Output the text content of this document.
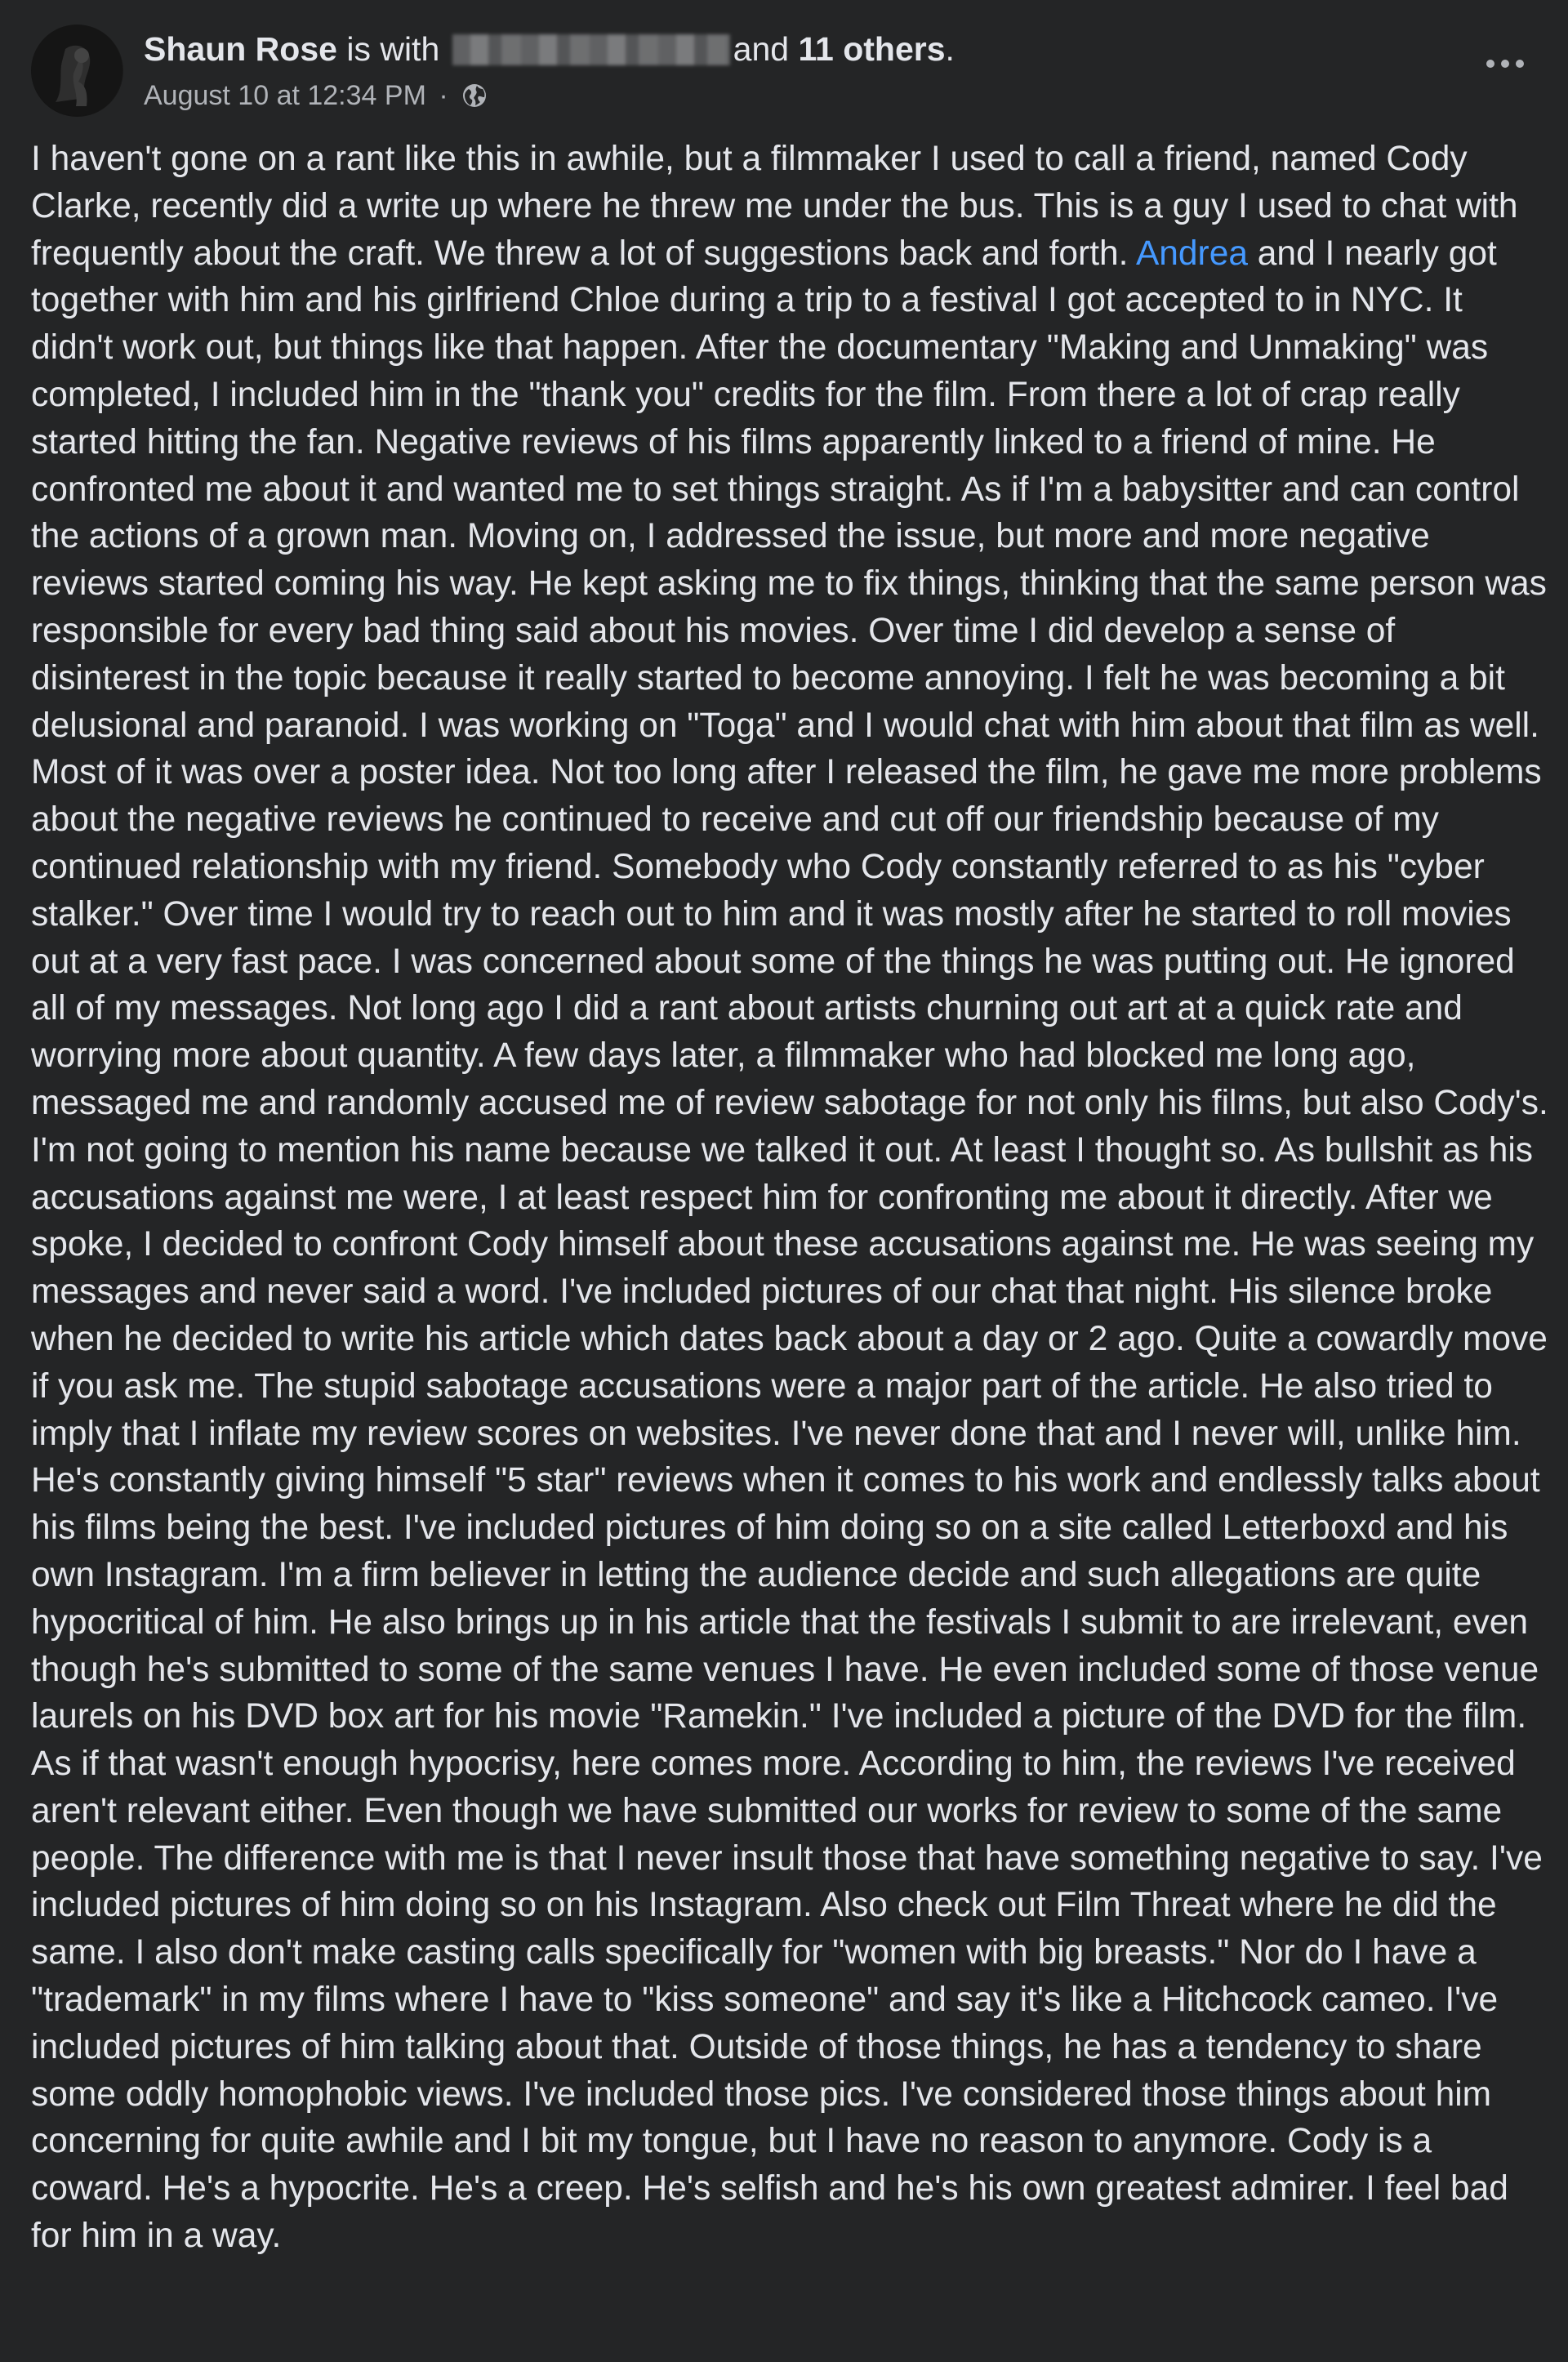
Shaun Rose is with	and 11 others.
August 10 at 12:34 PM ·
I haven't gone on a rant like this in awhile, but a filmmaker I used to call a friend, named Cody Clarke, recently did a write up where he threw me under the bus. This is a guy I used to chat with frequently about the craft. We threw a lot of suggestions back and forth. Andrea and I nearly got together with him and his girlfriend Chloe during a trip to a festival I got accepted to in NYC. It didn't work out, but things like that happen. After the documentary "Making and Unmaking" was completed, I included him in the "thank you" credits for the film. From there a lot of crap really started hitting the fan. Negative reviews of his films apparently linked to a friend of mine. He confronted me about it and wanted me to set things straight. As if I'm a babysitter and can control the actions of a grown man. Moving on, I addressed the issue, but more and more negative reviews started coming his way. He kept asking me to fix things, thinking that the same person was responsible for every bad thing said about his movies. Over time I did develop a sense of disinterest in the topic because it really started to become annoying. I felt he was becoming a bit delusional and paranoid. I was working on "Toga" and I would chat with him about that film as well. Most of it was over a poster idea. Not too long after I released the film, he gave me more problems about the negative reviews he continued to receive and cut off our friendship because of my continued relationship with my friend. Somebody who Cody constantly referred to as his "cyber stalker." Over time I would try to reach out to him and it was mostly after he started to roll movies out at a very fast pace. I was concerned about some of the things he was putting out. He ignored all of my messages. Not long ago I did a rant about artists churning out art at a quick rate and worrying more about quantity. A few days later, a filmmaker who had blocked me long ago, messaged me and randomly accused me of review sabotage for not only his films, but also Cody's. I'm not going to mention his name because we talked it out. At least I thought so. As bullshit as his accusations against me were, I at least respect him for confronting me about it directly. After we spoke, I decided to confront Cody himself about these accusations against me. He was seeing my messages and never said a word. I've included pictures of our chat that night. His silence broke when he decided to write his article which dates back about a day or 2 ago. Quite a cowardly move if you ask me. The stupid sabotage accusations were a major part of the article. He also tried to imply that I inflate my review scores on websites. I've never done that and I never will, unlike him. He's constantly giving himself "5 star" reviews when it comes to his work and endlessly talks about his films being the best. I've included pictures of him doing so on a site called Letterboxd and his own Instagram. I'm a firm believer in letting the audience decide and such allegations are quite hypocritical of him. He also brings up in his article that the festivals I submit to are irrelevant, even though he's submitted to some of the same venues I have. He even included some of those venue laurels on his DVD box art for his movie "Ramekin." I've included a picture of the DVD for the film. As if that wasn't enough hypocrisy, here comes more. According to him, the reviews I've received aren't relevant either. Even though we have submitted our works for review to some of the same people. The difference with me is that I never insult those that have something negative to say. I've included pictures of him doing so on his Instagram. Also check out Film Threat where he did the same. I also don't make casting calls specifically for "women with big breasts." Nor do I have a "trademark" in my films where I have to "kiss someone" and say it's like a Hitchcock cameo. I've included pictures of him talking about that. Outside of those things, he has a tendency to share some oddly homophobic views. I've included those pics. I've considered those things about him concerning for quite awhile and I bit my tongue, but I have no reason to anymore. Cody is a coward. He's a hypocrite. He's a creep. He's selfish and he's his own greatest admirer. I feel bad for him in a way.
